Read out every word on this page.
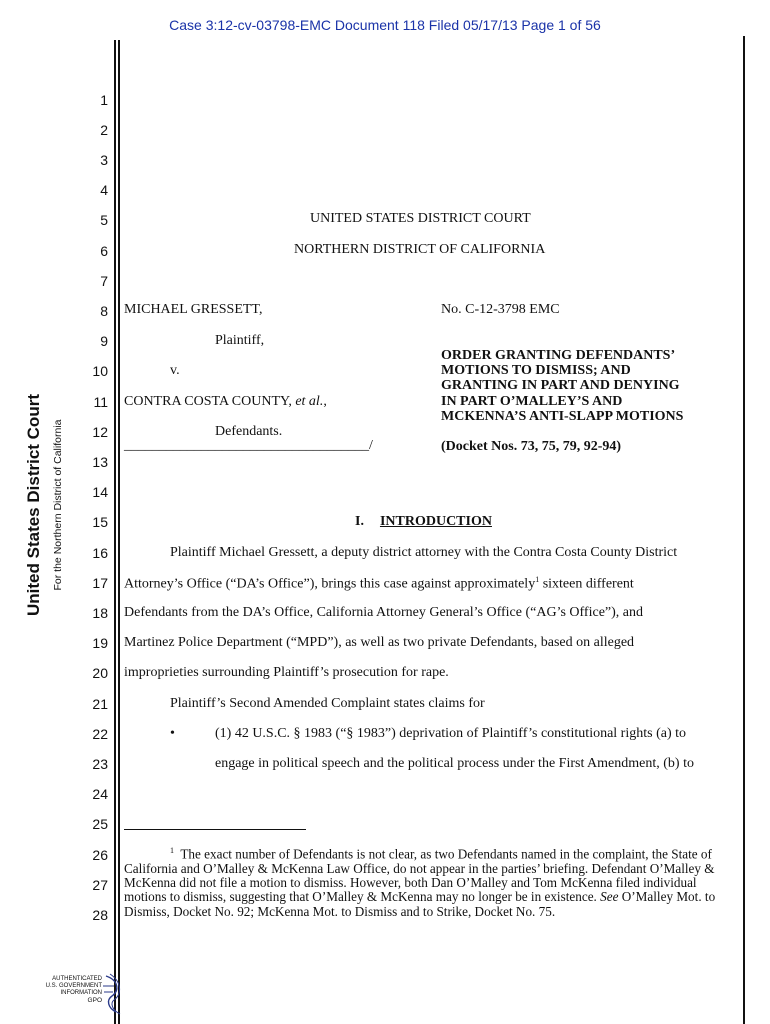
Case 3:12-cv-03798-EMC Document 118 Filed 05/17/13 Page 1 of 56
United States District Court For the Northern District of California
1
2
3
4
5
6
7
8
9
10
11
12
13
14
15
16
17
18
19
20
21
22
23
24
25
26
27
28
UNITED STATES DISTRICT COURT
NORTHERN DISTRICT OF CALIFORNIA
MICHAEL GRESSETT,
Plaintiff,
v.
CONTRA COSTA COUNTY, et al.,
Defendants.
___________________________________/
No. C-12-3798 EMC
ORDER GRANTING DEFENDANTS’
MOTIONS TO DISMISS; AND
GRANTING IN PART AND DENYING
IN PART O’MALLEY’S AND
MCKENNA’S ANTI-SLAPP MOTIONS
(Docket Nos. 73, 75, 79, 92-94)
I. INTRODUCTION
Plaintiff Michael Gressett, a deputy district attorney with the Contra Costa County District
Attorney’s Office (“DA’s Office”), brings this case against approximately$^1$ sixteen different
Defendants from the DA’s Office, California Attorney General’s Office (“AG’s Office”), and
Martinez Police Department (“MPD”), as well as two private Defendants, based on alleged
improprieties surrounding Plaintiff’s prosecution for rape.
Plaintiff’s Second Amended Complaint states claims for
•	(1) 42 U.S.C. § 1983 (“§ 1983”) deprivation of Plaintiff’s constitutional rights (a) to
engage in political speech and the political process under the First Amendment, (b) to
$^1$ The exact number of Defendants is not clear, as two Defendants named in the complaint, the State of California and O’Malley & McKenna Law Office, do not appear in the parties’ briefing. Defendant O’Malley & McKenna did not file a motion to dismiss. However, both Dan O’Malley and Tom McKenna filed individual motions to dismiss, suggesting that O’Malley & McKenna may no longer be in existence. See O’Malley Mot. to Dismiss, Docket No. 92; McKenna Mot. to Dismiss and to Strike, Docket No. 75.
AUTHENTICATED
U.S. GOVERNMENT
INFORMATION
GPO
